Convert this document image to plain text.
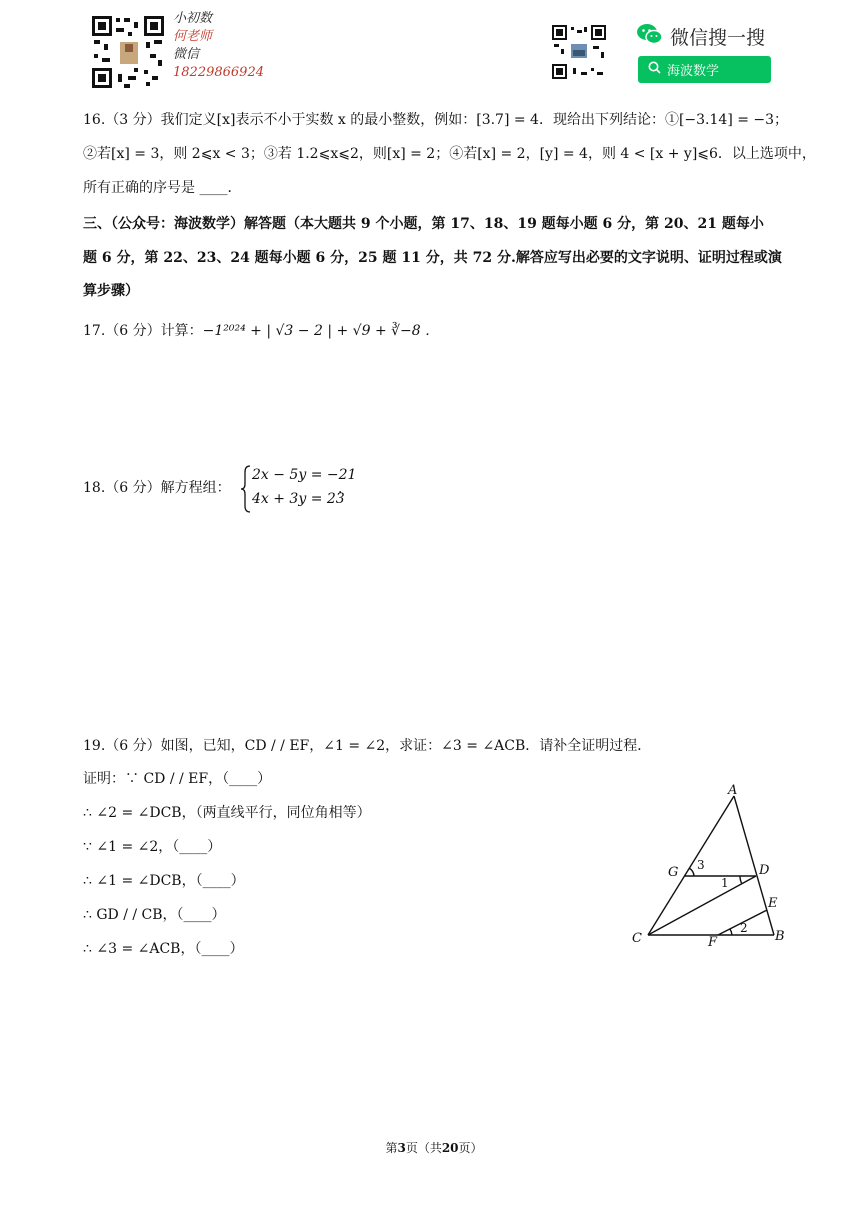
小初数
何老师
微信
18229866924
微信搜一搜
海波数学
16.（3 分）我们定义[x]表示不小于实数 x 的最小整数，例如：[3.7] = 4．现给出下列结论：①[−3.14] = −3；
②若[x] = 3，则 2⩽x < 3；③若 1.2⩽x⩽2，则[x] = 2；④若[x] = 2，[y] = 4，则 4 < [x + y]⩽6．以上选项中，
所有正确的序号是 ____．
三、（公众号：海波数学）解答题（本大题共 9 个小题，第 17、18、19 题每小题 6 分，第 20、21 题每小
题 6 分，第 22、23、24 题每小题 6 分，25 题 11 分，共 72 分.解答应写出必要的文字说明、证明过程或演
算步骤）
17.（6 分）计算：−1²⁰²⁴ + | √3 − 2 | + √9 + ∛−8 ．
18.（6 分）解方程组：
2x − 5y = −21
4x + 3y = 23
．
19.（6 分）如图，已知，CD / / EF，∠1 = ∠2，求证：∠3 = ∠ACB．请补全证明过程．
证明：∵ CD / / EF，（____）
∴ ∠2 = ∠DCB，（两直线平行，同位角相等）
∵ ∠1 = ∠2，（____）
∴ ∠1 = ∠DCB，（____）
∴ GD / / CB，（____）
∴ ∠3 = ∠ACB，（____）
A
G	D
E
C	F	B
1
2
3
第3页（共20页）
